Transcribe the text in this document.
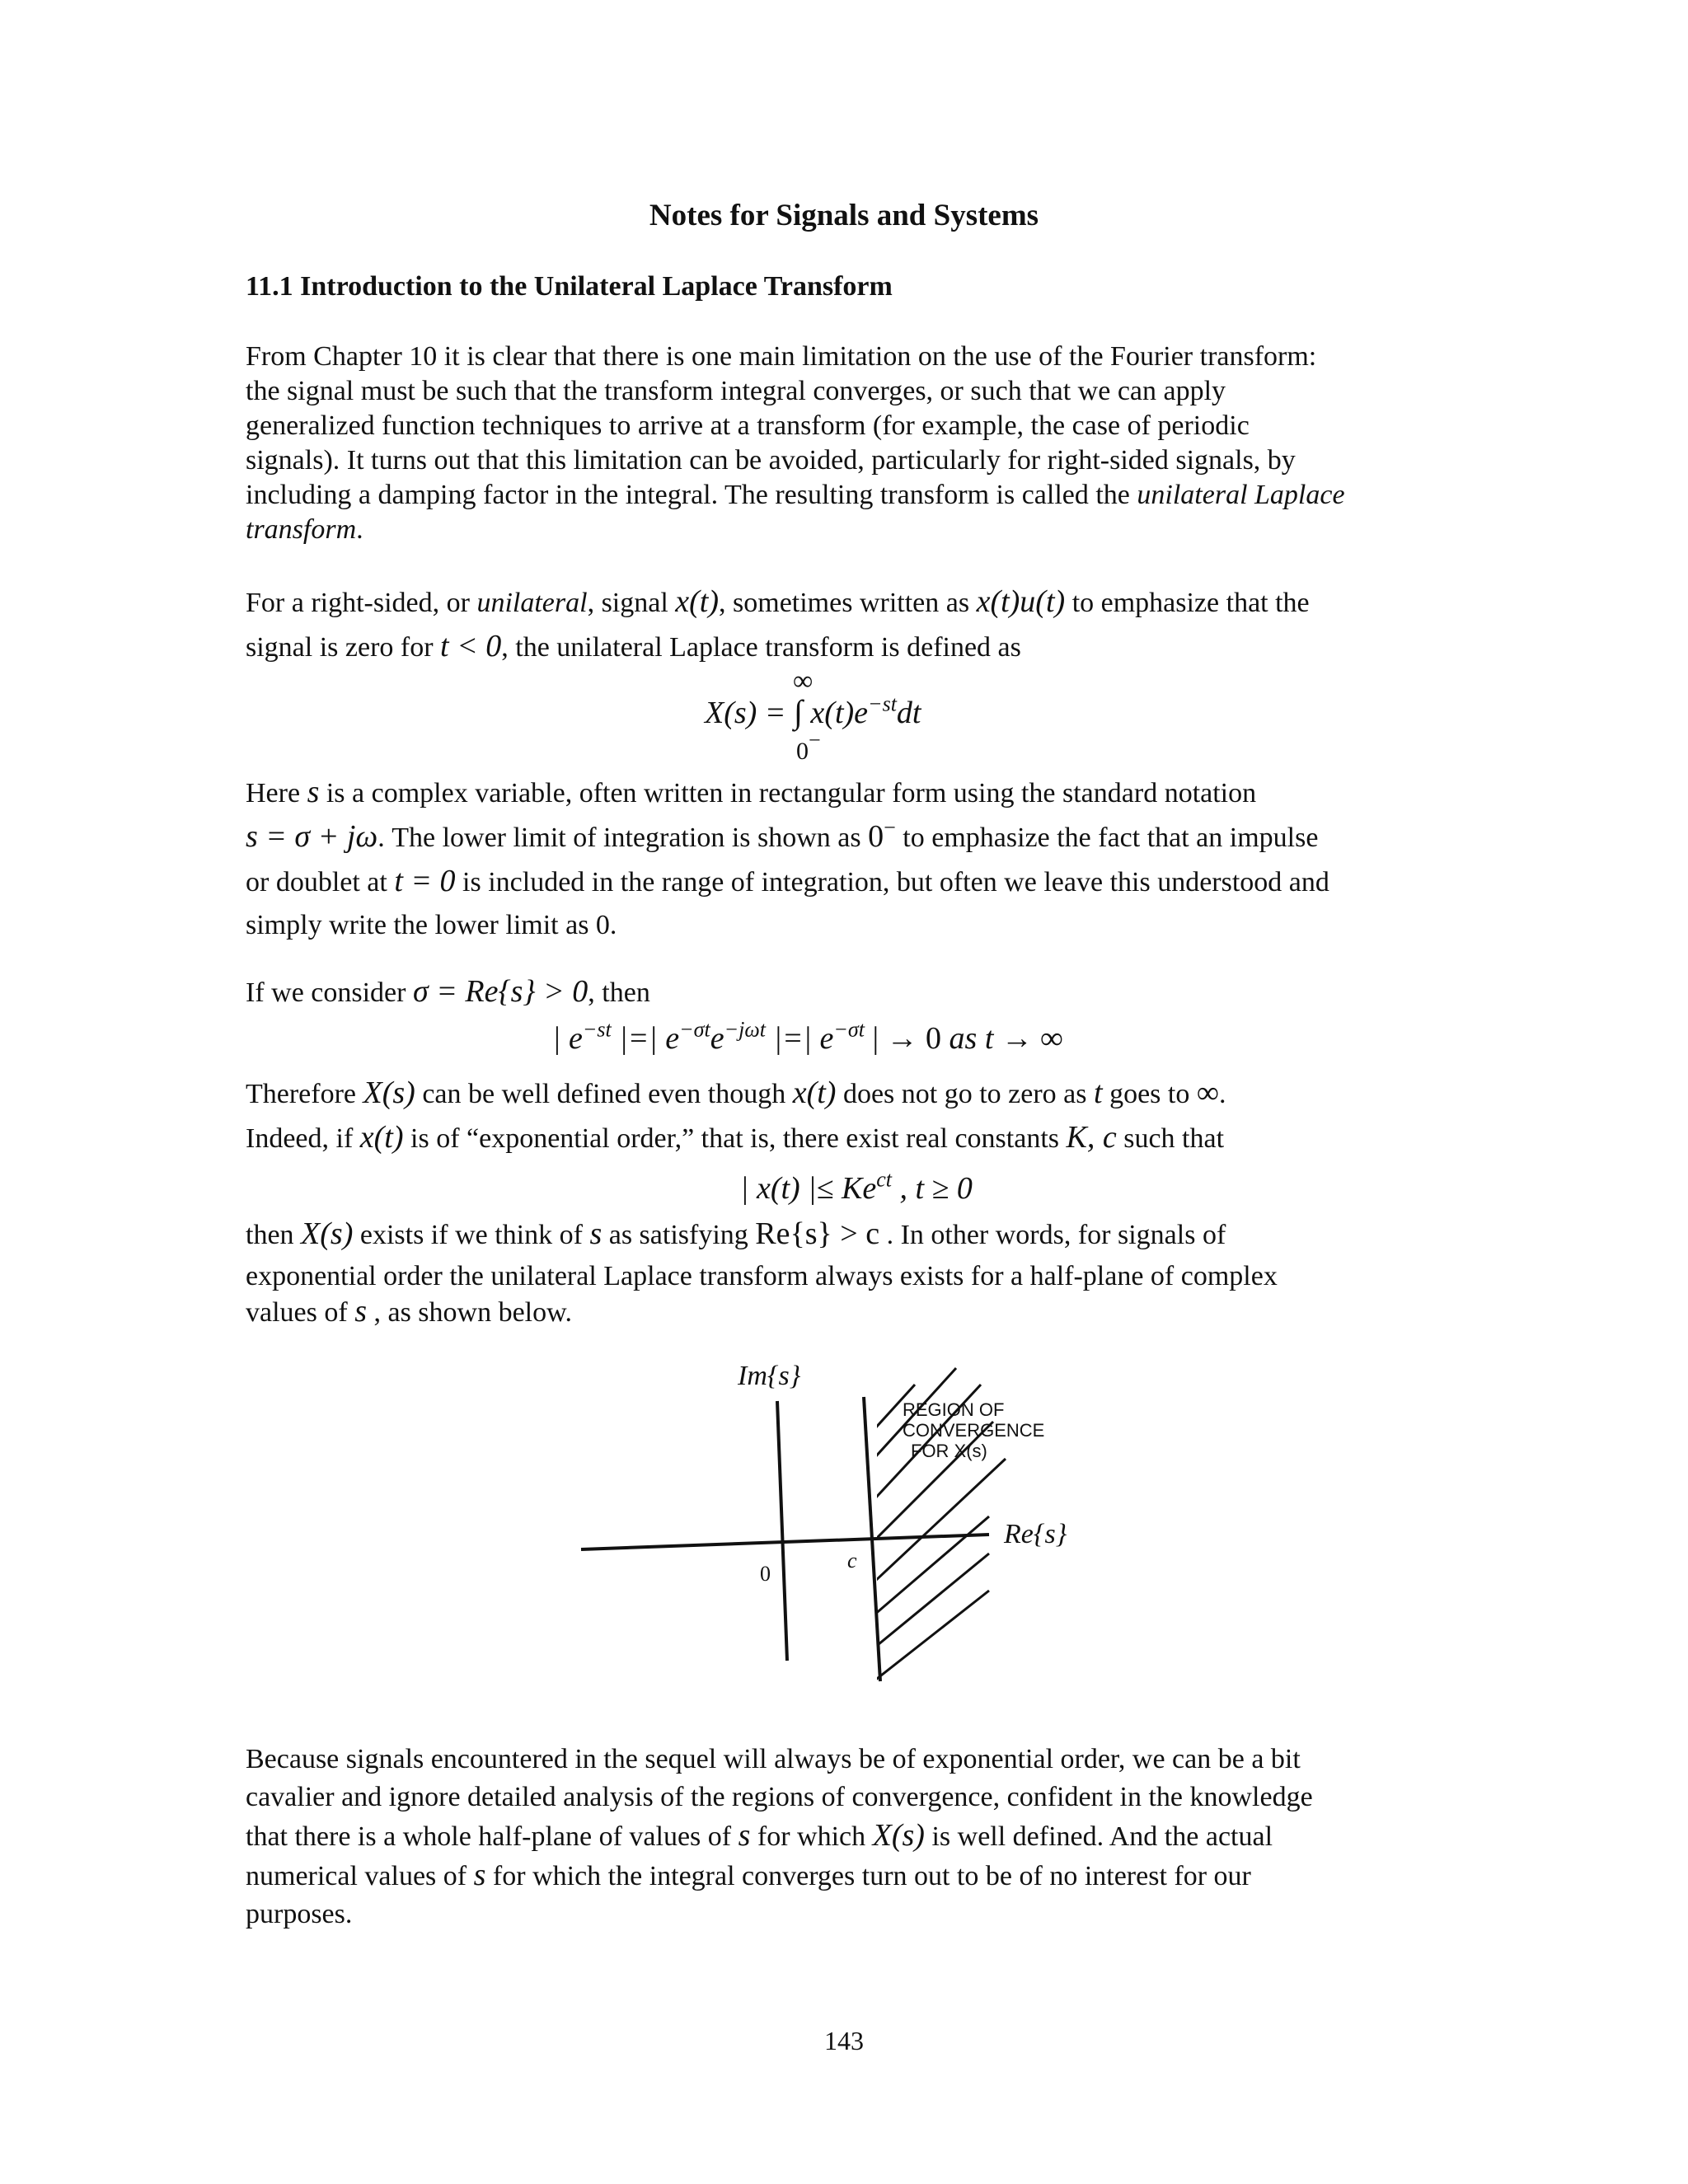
Notes for Signals and Systems
11.1 Introduction to the Unilateral Laplace Transform
From Chapter 10 it is clear that there is one main limitation on the use of the Fourier transform:
the signal must be such that the transform integral converges, or such that we can apply
generalized function techniques to arrive at a transform (for example, the case of periodic
signals). It turns out that this limitation can be avoided, particularly for right-sided signals, by
including a damping factor in the integral. The resulting transform is called the unilateral Laplace
transform.
For a right-sided, or unilateral, signal x(t), sometimes written as x(t)u(t) to emphasize that the
signal is zero for t < 0, the unilateral Laplace transform is defined as
∞
X(s) = ∫ $x(t)e^{-st}dt$
0−
Here s is a complex variable, often written in rectangular form using the standard notation
s = σ + jω. The lower limit of integration is shown as 0− to emphasize the fact that an impulse
or doublet at t = 0 is included in the range of integration, but often we leave this understood and
simply write the lower limit as 0.
If we consider σ = Re{s} > 0, then
| $e^{-st}$ |=| $e^{-\sigma t}e^{-j\omega t}$ |=| $e^{-\sigma t}$ | → 0 as t → ∞
Therefore X(s) can be well defined even though x(t) does not go to zero as t goes to ∞.
Indeed, if x(t) is of “exponential order,” that is, there exist real constants K, c such that
| x(t) |≤ $Ke^{ct}$ , t ≥ 0
then X(s) exists if we think of s as satisfying Re{s} > c . In other words, for signals of
exponential order the unilateral Laplace transform always exists for a half-plane of complex
values of s , as shown below.
Im{s}
Re{s}
0
c
REGION OF CONVERGENCE FOR X(s)
Because signals encountered in the sequel will always be of exponential order, we can be a bit
cavalier and ignore detailed analysis of the regions of convergence, confident in the knowledge
that there is a whole half-plane of values of s for which X(s) is well defined. And the actual
numerical values of s for which the integral converges turn out to be of no interest for our
purposes.
143
